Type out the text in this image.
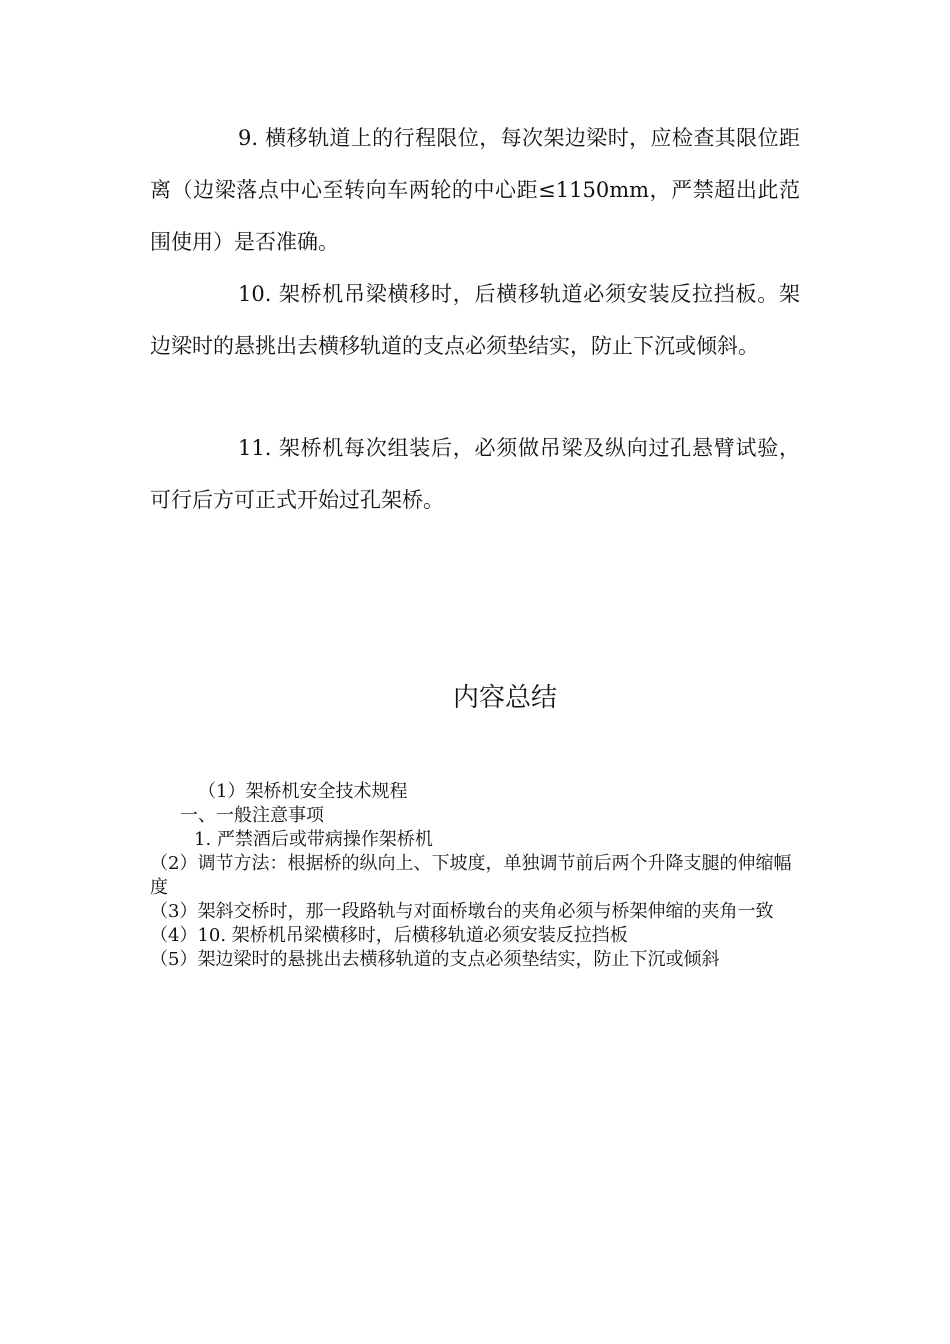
9. 横移轨道上的行程限位，每次架边梁时，应检查其限位距离（边梁落点中心至转向车两轮的中心距≤1150mm，严禁超出此范围使用）是否准确。

10. 架桥机吊梁横移时，后横移轨道必须安装反拉挡板。架边梁时的悬挑出去横移轨道的支点必须垫结实，防止下沉或倾斜。

11. 架桥机每次组装后，必须做吊梁及纵向过孔悬臂试验，可行后方可正式开始过孔架桥。

内容总结

（1）架桥机安全技术规程

一、一般注意事项

1. 严禁酒后或带病操作架桥机

（2）调节方法：根据桥的纵向上、下坡度，单独调节前后两个升降支腿的伸缩幅度

（3）架斜交桥时，那一段路轨与对面桥墩台的夹角必须与桥架伸缩的夹角一致

（4）10. 架桥机吊梁横移时，后横移轨道必须安装反拉挡板

（5）架边梁时的悬挑出去横移轨道的支点必须垫结实，防止下沉或倾斜
